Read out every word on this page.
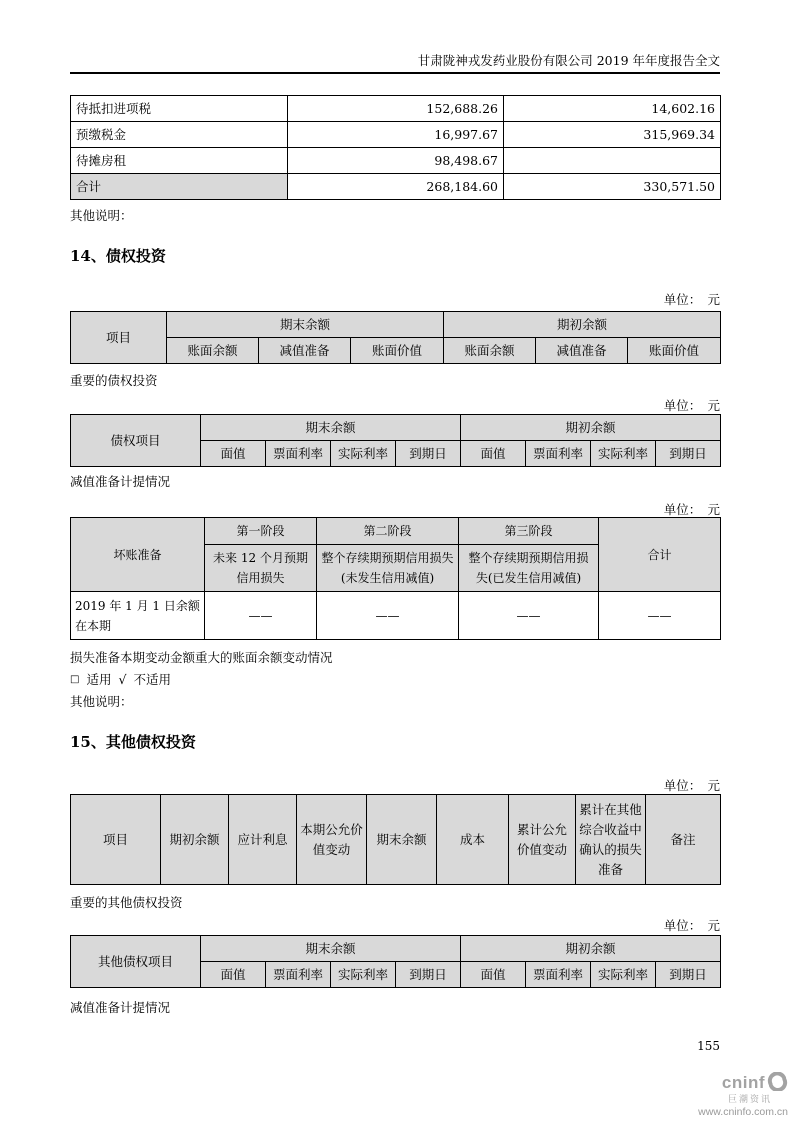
甘肃陇神戎发药业股份有限公司 2019 年年度报告全文
待抵扣进项税	152,688.26	14,602.16
预缴税金	16,997.67	315,969.34
待摊房租	98,498.67	
合计	268,184.60	330,571.50
其他说明：
14、债权投资
单位：　元
项目	期末余额			期初余额		
	账面余额	减值准备	账面价值	账面余额	减值准备	账面价值
重要的债权投资
单位：　元
债权项目	期末余额				期初余额			
	面值	票面利率	实际利率	到期日	面值	票面利率	实际利率	到期日
减值准备计提情况
单位：　元
坏账准备	第一阶段	第二阶段	第三阶段	合计
	未来 12 个月预期信用损失	整个存续期预期信用损失(未发生信用减值)	整个存续期预期信用损失(已发生信用减值)	
2019 年 1 月 1 日余额在本期	——	——	——	——
损失准备本期变动金额重大的账面余额变动情况
□ 适用 √ 不适用
其他说明：
15、其他债权投资
单位：　元
项目	期初余额	应计利息	本期公允价值变动	期末余额	成本	累计公允价值变动	累计在其他综合收益中确认的损失准备	备注
重要的其他债权投资
单位：　元
其他债权项目	期末余额				期初余额			
	面值	票面利率	实际利率	到期日	面值	票面利率	实际利率	到期日
减值准备计提情况
155
cninf
巨潮资讯
www.cninfo.com.cn
